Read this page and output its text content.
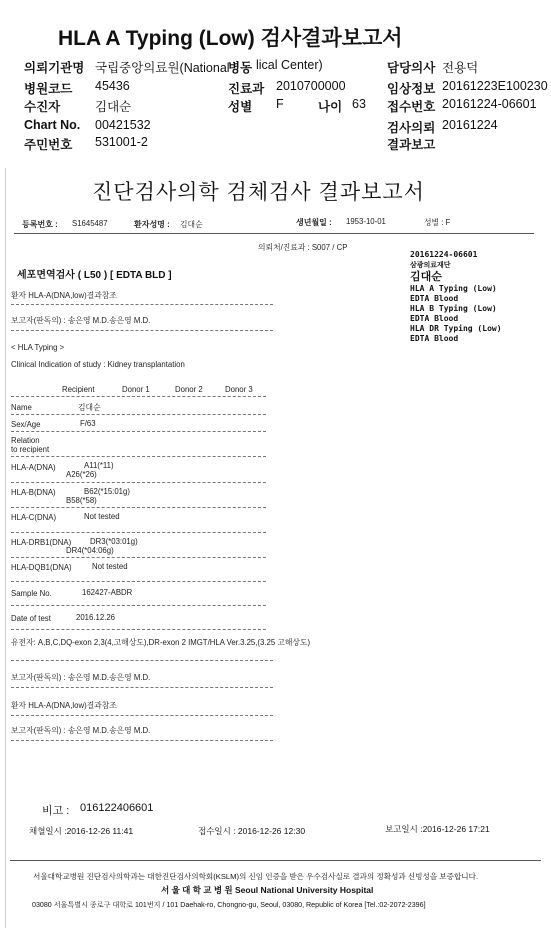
HLA A Typing (Low) 검사결과보고서
의뢰기관명 국립중앙의료원(National
병동 lical Center)	담당의사 전용덕
병원코드 45436	진료과 2010700000	임상정보 20161223E100230
수진자	김대순	성별 F	나이 63 접수번호 20161224-06601
Chart No. 00421532	검사의뢰 20161224
주민번호 531001-2	결과보고
진단검사의학 검체검사 결과보고서
등록번호 : S1645487	환자성명 : 김대순	생년월일 : 1953-10-01	성별 : F
의뢰처/진료과 : S007 / CP
세포면역검사 ( L50 ) [ EDTA BLD ]
20161224-06601
삼광의료재단
김대순
HLA A Typing (Low)
EDTA Blood
HLA B Typing (Low)
EDTA Blood
HLA DR Typing (Low)
EDTA Blood
환자 HLA-A(DNA,low)결과참조
보고자(판독의) : 송은영 M.D.송은영 M.D.
< HLA Typing >
Clinical Indication of study : Kidney transplantation
Recipient	Donor 1	Donor 2	Donor 3
Name	김대순
Sex/Age	F/63
Relation
to recipient
HLA-A(DNA)	A11(*11)
A26(*26)
HLA-B(DNA)	B62(*15:01g)
B58(*58)
HLA-C(DNA)	Not tested
HLA-DRB1(DNA) DR3(*03:01g)
DR4(*04:06g)
HLA-DQB1(DNA)	Not tested
Sample No.	162427-ABDR
Date of test	2016.12.26
유전자: A,B,C,DQ-exon 2,3(4,고해상도),DR-exon 2 IMGT/HLA Ver.3.25,(3.25 고해상도)
보고자(판독의) : 송은영 M.D.송은영 M.D.
환자 HLA-A(DNA,low)결과참조
보고자(판독의) : 송은영 M.D.송은영 M.D.
비고 : 016122406601
채혈일시 :2016-12-26 11:41	접수일시 : 2016-12-26 12:30	보고일시 :2016-12-26 17:21
서울대학교병원 진단검사의학과는 대한진단검사의학회(KSLM)의 신임 인증을 받은 우수검사실로 결과의 정확성과 신빙성을 보증합니다.
서 울 대 학 교 병 원 Seoul National University Hospital
03080 서울특별시 종로구 대학로 101번지 / 101 Daehak-ro, Chongno-gu, Seoul, 03080, Republic of Korea [Tel.:02-2072-2396]
